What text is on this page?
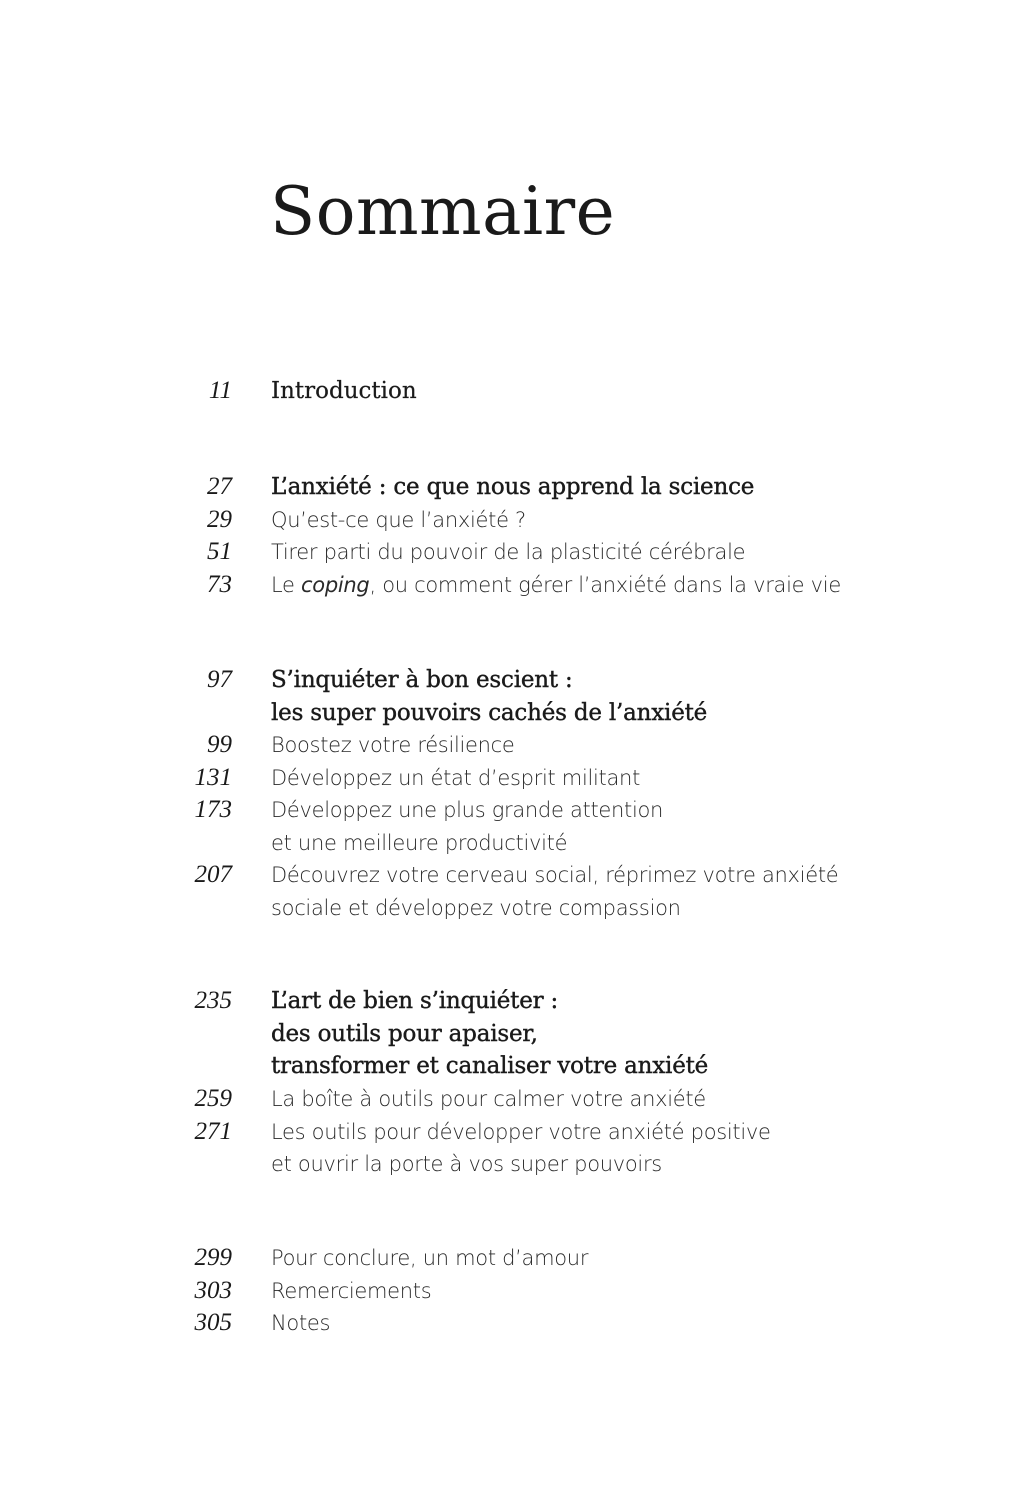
Sommaire
11 Introduction
27 L’anxiété : ce que nous apprend la science
29 Qu’est-ce que l’anxiété ?
51 Tirer parti du pouvoir de la plasticité cérébrale
73 Le coping, ou comment gérer l’anxiété dans la vraie vie
97 S’inquiéter à bon escient :
les super pouvoirs cachés de l’anxiété
99 Boostez votre résilience
131 Développez un état d’esprit militant
173 Développez une plus grande attention
et une meilleure productivité
207 Découvrez votre cerveau social, réprimez votre anxiété
sociale et développez votre compassion
235 L’art de bien s’inquiéter :
des outils pour apaiser,
transformer et canaliser votre anxiété
259 La boîte à outils pour calmer votre anxiété
271 Les outils pour développer votre anxiété positive
et ouvrir la porte à vos super pouvoirs
299 Pour conclure, un mot d’amour
303 Remerciements
305 Notes
